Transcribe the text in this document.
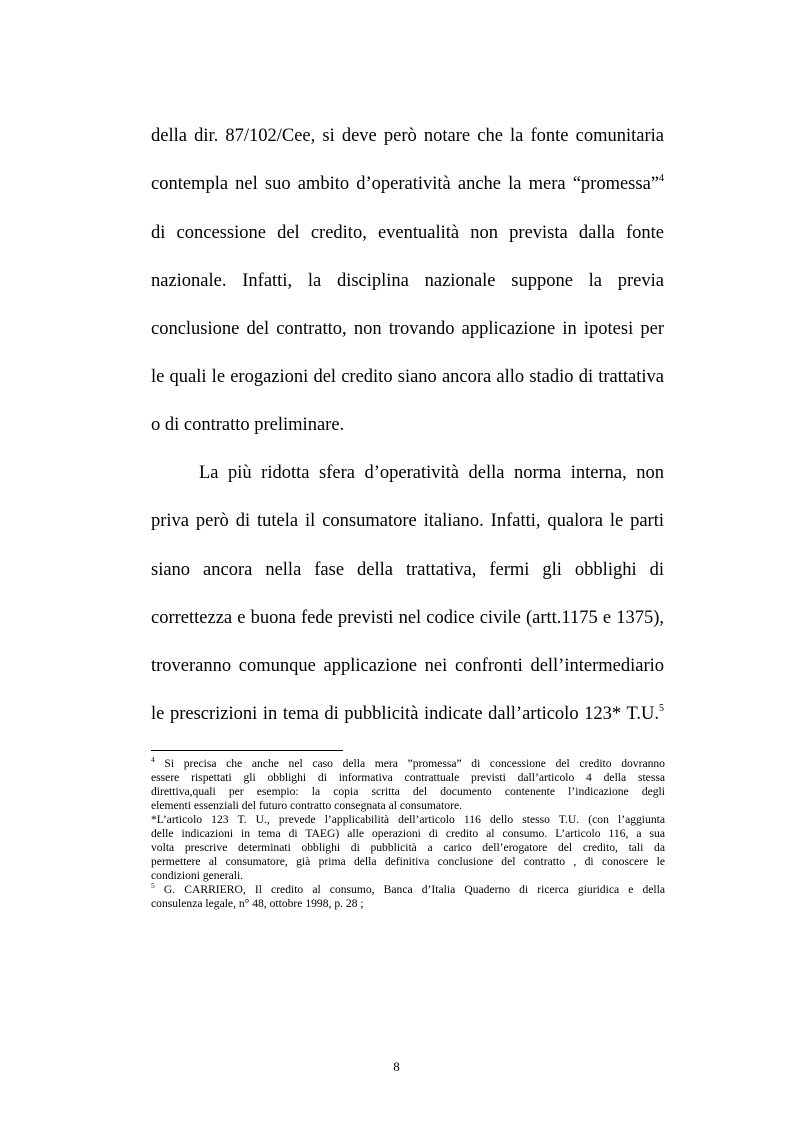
della dir. 87/102/Cee, si deve però notare che la fonte comunitaria
contempla nel suo ambito d’operatività anche la mera “promessa”$^4$
di concessione del credito, eventualità non prevista dalla fonte
nazionale. Infatti, la disciplina nazionale suppone la previa
conclusione del contratto, non trovando applicazione in ipotesi per
le quali le erogazioni del credito siano ancora allo stadio di trattativa
o di contratto preliminare.
La più ridotta sfera d’operatività della norma interna, non
priva però di tutela il consumatore italiano. Infatti, qualora le parti
siano ancora nella fase della trattativa, fermi gli obblighi di
correttezza e buona fede previsti nel codice civile (artt.1175 e 1375),
troveranno comunque applicazione nei confronti dell’intermediario
le prescrizioni in tema di pubblicità indicate dall’articolo 123* T.U.$^5$
$^4$ Si precisa che anche nel caso della mera ”promessa” di concessione del credito dovranno
essere rispettati gli obblighi di informativa contrattuale previsti dall’articolo 4 della stessa
direttiva,quali per esempio: la copia scritta del documento contenente l’indicazione degli
elementi essenziali del futuro contratto consegnata al consumatore.
*L’articolo 123 T. U., prevede l’applicabilità dell’articolo 116 dello stesso T.U. (con l’aggiunta
delle indicazioni in tema di TAEG) alle operazioni di credito al consumo. L’articolo 116, a sua
volta prescrive determinati obblighi di pubblicità a carico dell’erogatore del credito, tali da
permettere al consumatore, già prima della definitiva conclusione del contratto , di conoscere le
condizioni generali.
$^5$ G. CARRIERO, Il credito al consumo, Banca d’Italia Quaderno di ricerca giuridica e della
consulenza legale, n° 48, ottobre 1998, p. 28 ;
8
